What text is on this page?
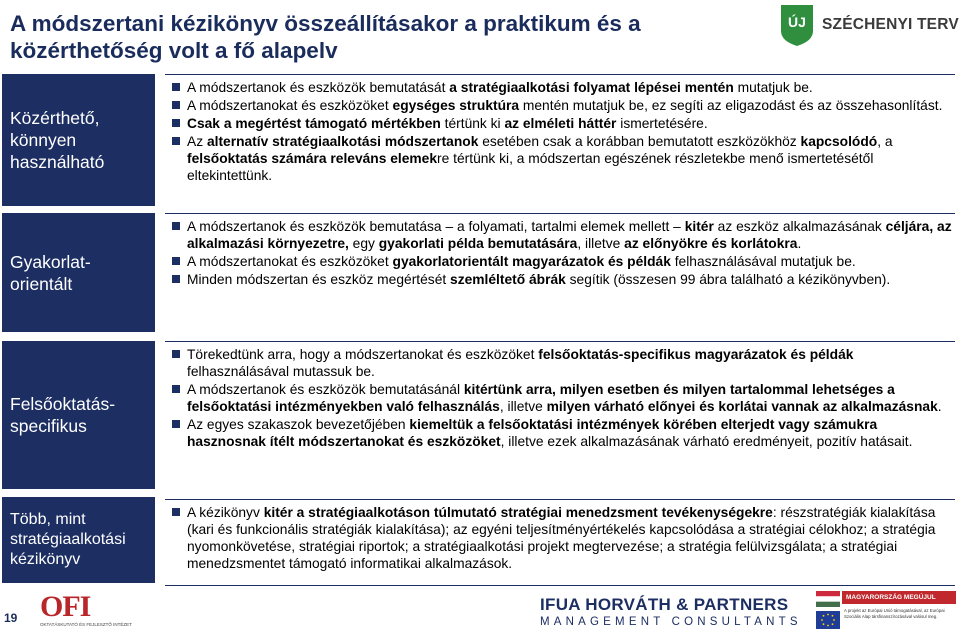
A módszertani kézikönyv összeállításakor a praktikum és a közérthetőség volt a fő alapelv
ÚJ SZÉCHENYI TERV
Közérthető, könnyen használható
A módszertanok és eszközök bemutatását a stratégiaalkotási folyamat lépései mentén mutatjuk be.
A módszertanokat és eszközöket egységes struktúra mentén mutatjuk be, ez segíti az eligazodást és az összehasonlítást.
Csak a megértést támogató mértékben tértünk ki az elméleti háttér ismertetésére.
Az alternatív stratégiaalkotási módszertanok esetében csak a korábban bemutatott eszközökhöz kapcsolódó, a felsőoktatás számára releváns elemekre tértünk ki, a módszertan egészének részletekbe menő ismertetésétől eltekintettünk.
Gyakorlat-orientált
A módszertanok és eszközök bemutatása – a folyamati, tartalmi elemek mellett – kitér az eszköz alkalmazásának céljára, az alkalmazási környezetre, egy gyakorlati példa bemutatására, illetve az előnyökre és korlátokra.
A módszertanokat és eszközöket gyakorlatorientált magyarázatok és példák felhasználásával mutatjuk be.
Minden módszertan és eszköz megértését szemléltető ábrák segítik (összesen 99 ábra található a kézikönyvben).
Felsőoktatás-specifikus
Törekedtünk arra, hogy a módszertanokat és eszközöket felsőoktatás-specifikus magyarázatok és példák felhasználásával mutassuk be.
A módszertanok és eszközök bemutatásánál kitértünk arra, milyen esetben és milyen tartalommal lehetséges a felsőoktatási intézményekben való felhasználás, illetve milyen várható előnyei és korlátai vannak az alkalmazásnak.
Az egyes szakaszok bevezetőjében kiemeltük a felsőoktatási intézmények körében elterjedt vagy számukra hasznosnak ítélt módszertanokat és eszközöket, illetve ezek alkalmazásának várható eredményeit, pozitív hatásait.
Több, mint stratégiaalkotási kézikönyv
A kézikönyv kitér a stratégiaalkotáson túlmutató stratégiai menedzsment tevékenységekre: részstratégiák kialakítása (kari és funkcionális stratégiák kialakítása); az egyéni teljesítményértékelés kapcsolódása a stratégiai célokhoz; a stratégia nyomonkövetése, stratégiai riportok; a stratégiaalkotási projekt megtervezése; a stratégia felülvizsgálata; a stratégiai menedzsmentet támogató informatikai alkalmazások.
19 OFI
OKTATÁSKUTATÓ ÉS FEJLESZTŐ INTÉZET
IFUA HORVÁTH & PARTNERS
MANAGEMENT CONSULTANTS
MAGYARORSZÁG MEGÚJUL
A projekt az Európai Unió támogatásával, az Európai Szociális Alap társfinanszírozásával valósul meg.
